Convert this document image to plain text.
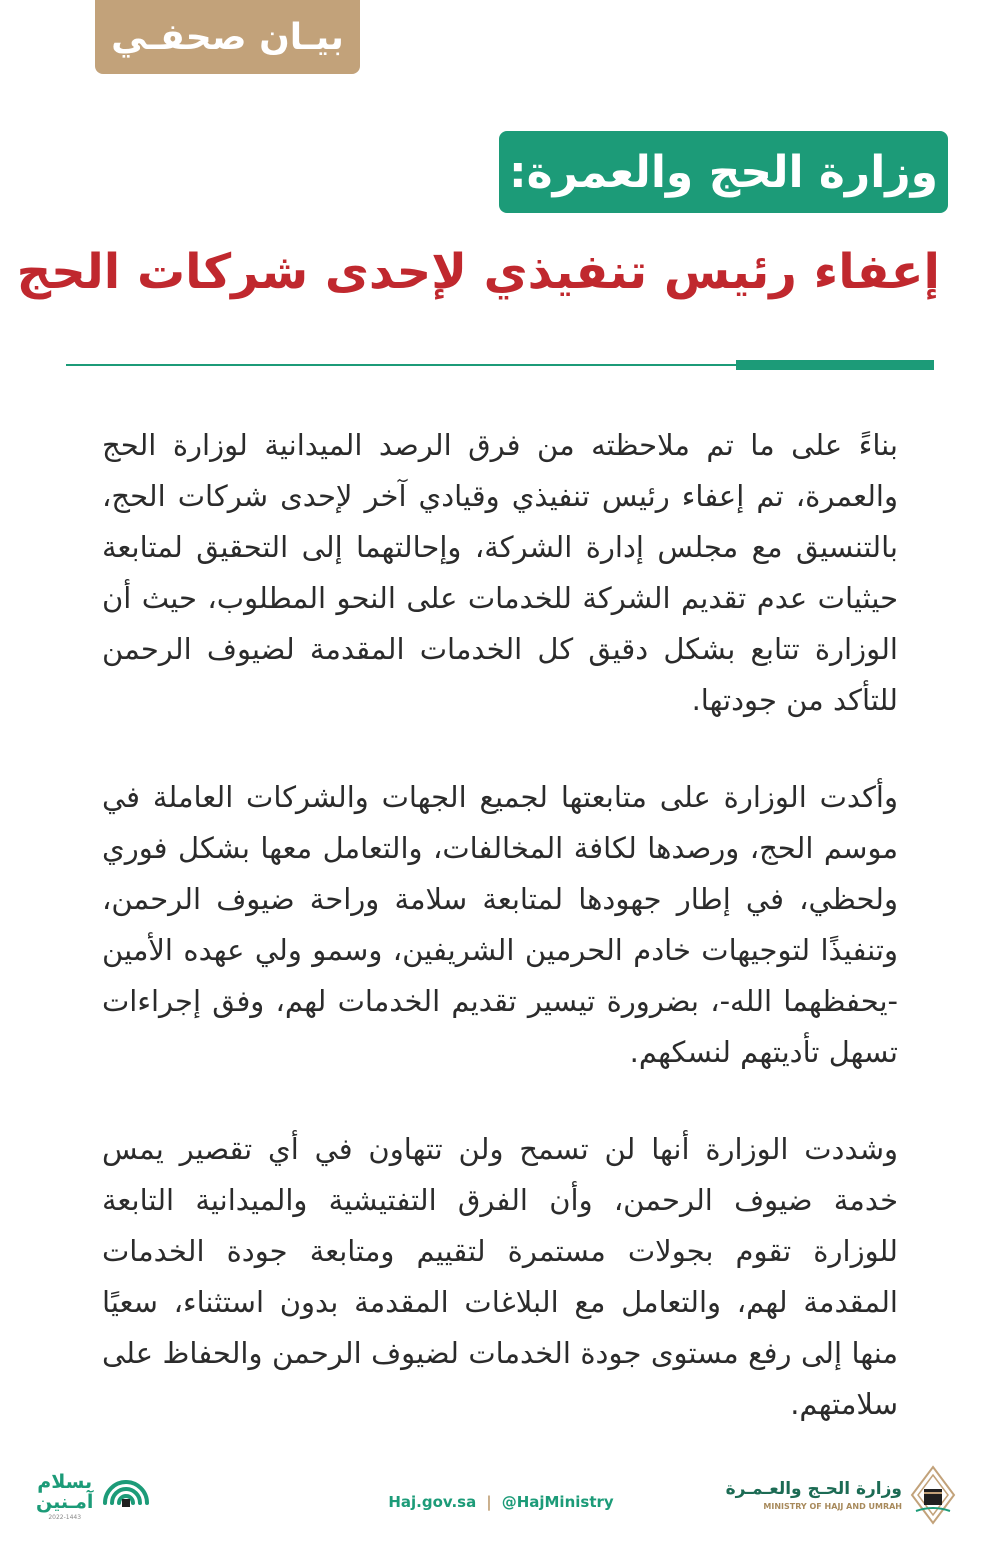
بيـان صحفـي
وزارة الحج والعمرة:
إعفاء رئيس تنفيذي لإحدى شركات الحج

بناءً على ما تم ملاحظته من فرق الرصد الميدانية لوزارة الحج والعمرة، تم إعفاء رئيس تنفيذي وقيادي آخر لإحدى شركات الحج، بالتنسيق مع مجلس إدارة الشركة، وإحالتهما إلى التحقيق لمتابعة حيثيات عدم تقديم الشركة للخدمات على النحو المطلوب، حيث أن الوزارة تتابع بشكل دقيق كل الخدمات المقدمة لضيوف الرحمن للتأكد من جودتها.

وأكدت الوزارة على متابعتها لجميع الجهات والشركات العاملة في موسم الحج، ورصدها لكافة المخالفات، والتعامل معها بشكل فوري ولحظي، في إطار جهودها لمتابعة سلامة وراحة ضيوف الرحمن، وتنفيذًا لتوجيهات خادم الحرمين الشريفين، وسمو ولي عهده الأمين -يحفظهما الله-، بضرورة تيسير تقديم الخدمات لهم، وفق إجراءات تسهل تأديتهم لنسكهم.

وشددت الوزارة أنها لن تسمح ولن تتهاون في أي تقصير يمس خدمة ضيوف الرحمن، وأن الفرق التفتيشية والميدانية التابعة للوزارة تقوم بجولات مستمرة لتقييم ومتابعة جودة الخدمات المقدمة لهم، والتعامل مع البلاغات المقدمة بدون استثناء، سعيًا منها إلى رفع مستوى جودة الخدمات لضيوف الرحمن والحفاظ على سلامتهم.

وزارة الحـج والعـمـرة
MINISTRY OF HAJJ AND UMRAH
Haj.gov.sa | @HajMinistry
بسلام
آمـنين
2022-1443
